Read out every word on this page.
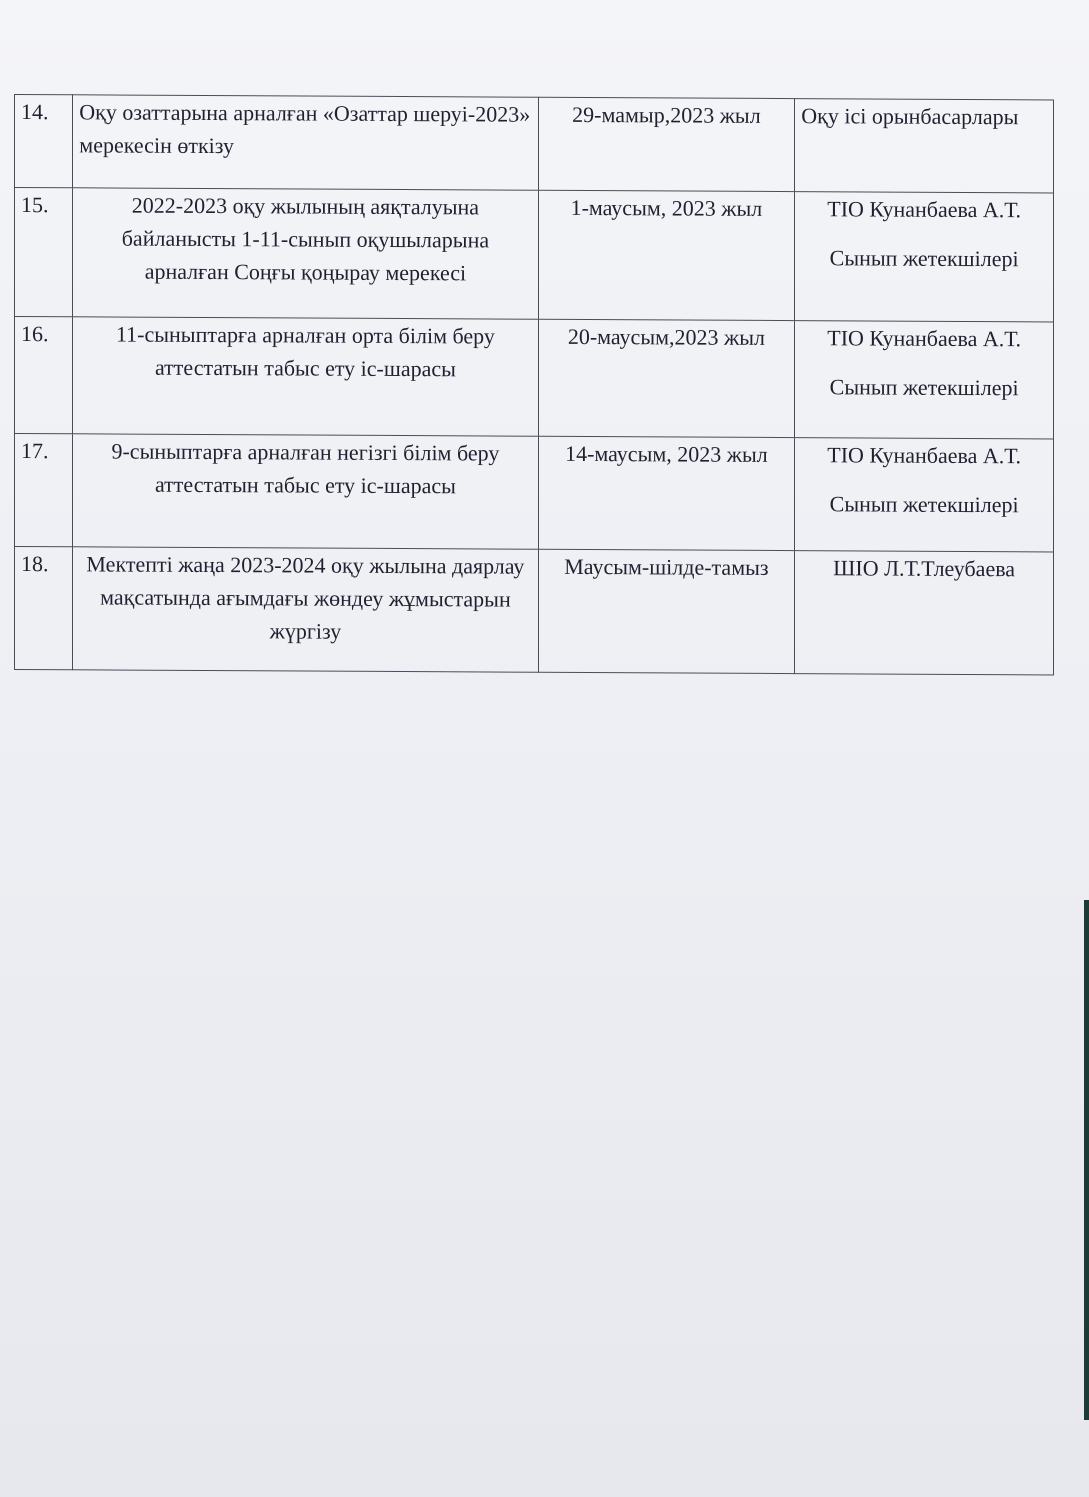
14.	Оқу озаттарына арналған «Озаттар шеруі-2023» мерекесін өткізу	29-мамыр,2023 жыл	Оқу ісі орынбасарлары
15.	2022-2023 оқу жылының аяқталуына байланысты 1-11-сынып оқушыларына арналған Соңғы қоңырау мерекесі	1-маусым, 2023 жыл	ТІО Кунанбаева А.Т.
Сынып жетекшілері

16.	11-сыныптарға арналған орта білім беру аттестатын табыс ету іс-шарасы	20-маусым,2023 жыл	ТІО Кунанбаева А.Т.
Сынып жетекшілері

17.	9-сыныптарға арналған негізгі білім беру аттестатын табыс ету іс-шарасы	14-маусым, 2023 жыл	ТІО Кунанбаева А.Т.
Сынып жетекшілері

18.	Мектепті жаңа 2023-2024 оқу жылына даярлау мақсатында ағымдағы жөндеу жұмыстарын жүргізу	Маусым-шілде-тамыз	ШІО Л.Т.Тлеубаева
